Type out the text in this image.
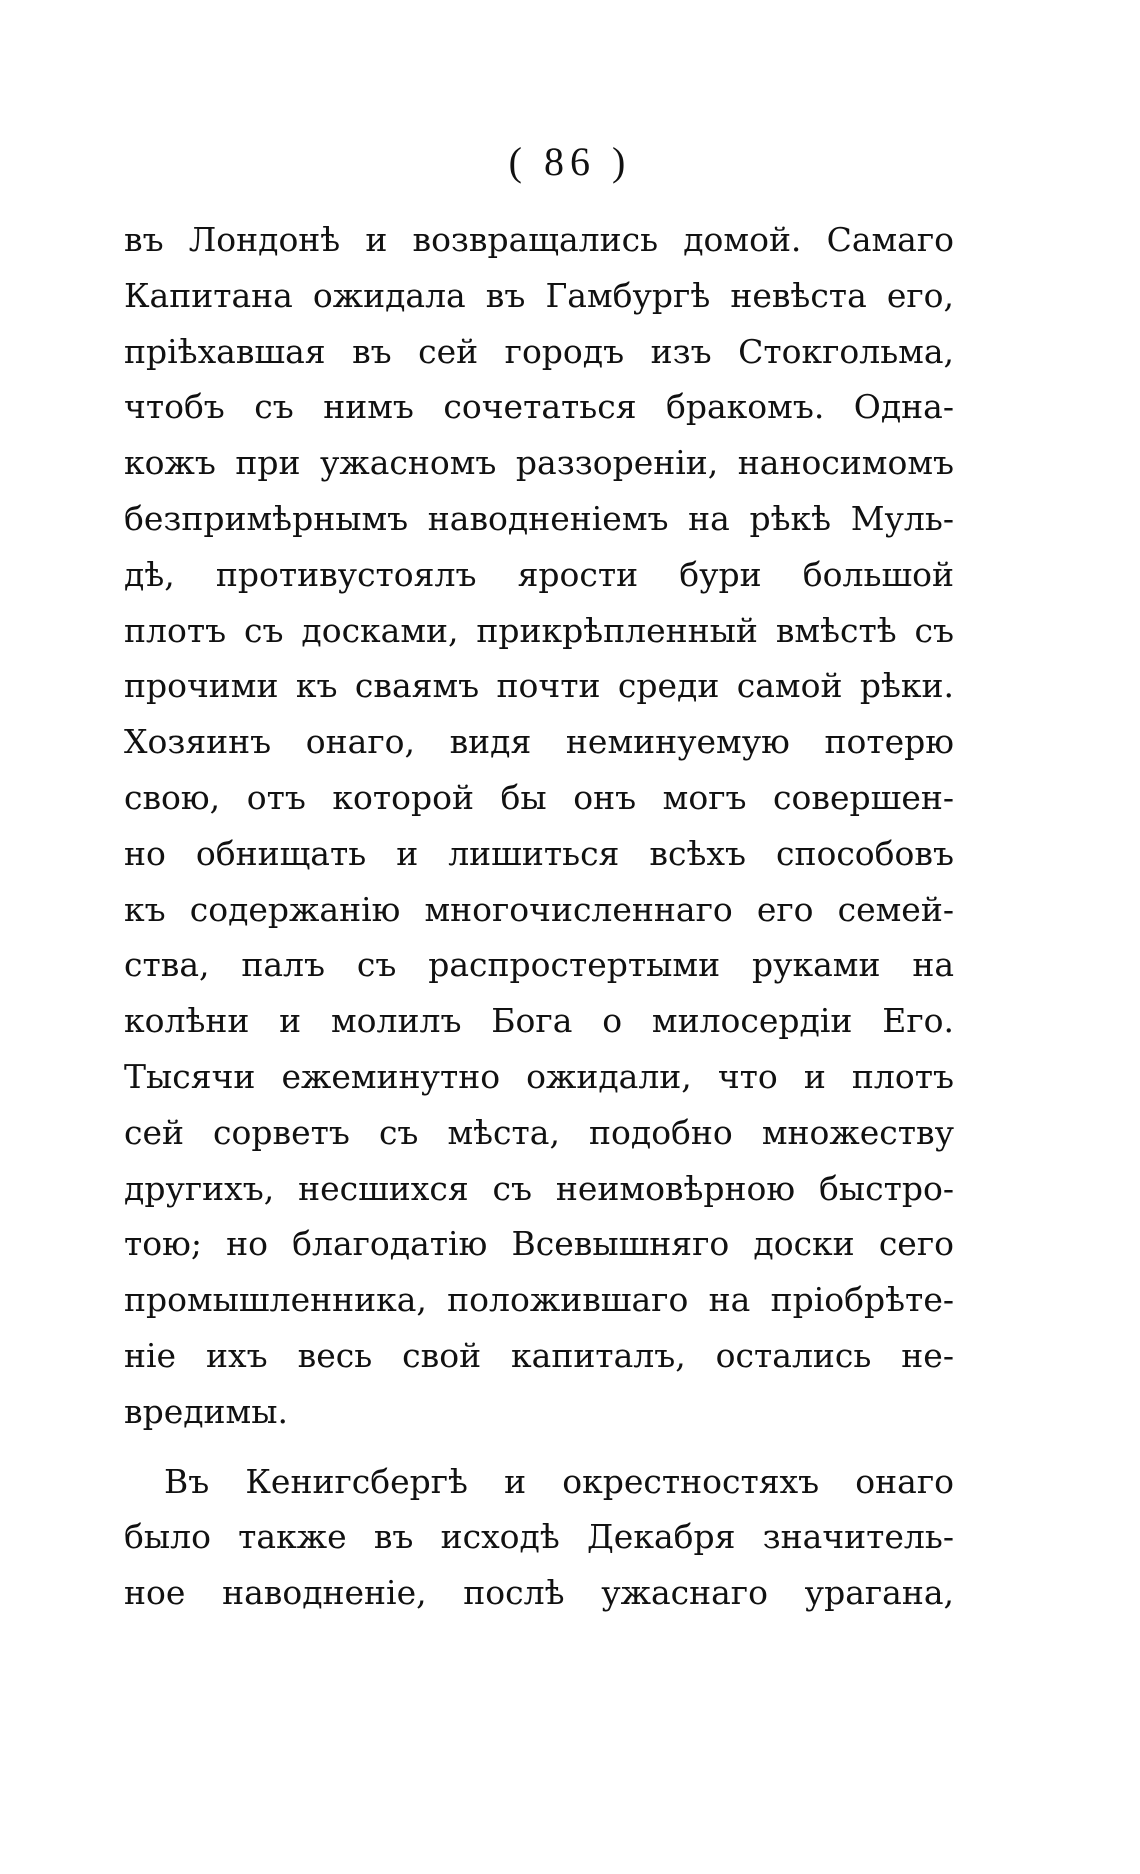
( 86 )
въ Лондонѣ и возвращались домой. Самаго
Капитана ожидала въ Гамбургѣ невѣста его,
пріѣхавшая въ сей городъ изъ Стокгольма,
чтобъ съ нимъ сочетаться бракомъ. Одна-
кожъ при ужасномъ раззореніи, наносимомъ
безпримѣрнымъ наводненіемъ на рѣкѣ Муль-
дѣ, противустоялъ ярости бури большой
плотъ съ досками, прикрѣпленный вмѣстѣ съ
прочими къ сваямъ почти среди самой рѣки.
Хозяинъ онаго, видя неминуемую потерю
свою, отъ которой бы онъ могъ совершен-
но обнищать и лишиться всѣхъ способовъ
къ содержанію многочисленнаго его семей-
ства, палъ съ распростертыми руками на
колѣни и молилъ Бога о милосердіи Его.
Тысячи ежеминутно ожидали, что и плотъ
сей сорветъ съ мѣста, подобно множеству
другихъ, несшихся съ неимовѣрною быстро-
тою; но благодатію Всевышняго доски сего
промышленника, положившаго на пріобрѣте-
ніе ихъ весь свой капиталъ, остались не-
вредимы.
Въ Кенигсбергѣ и окрестностяхъ онаго
было также въ исходѣ Декабря значитель-
ное наводненіе, послѣ ужаснаго урагана,
